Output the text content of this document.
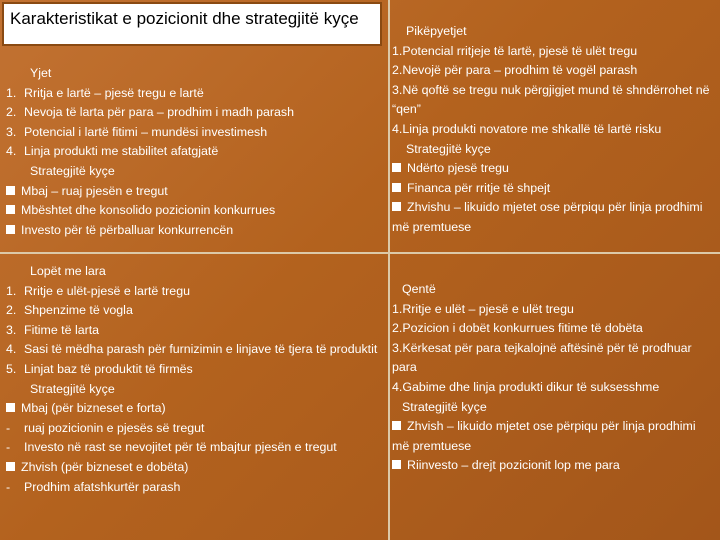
Karakteristikat e pozicionit dhe strategjitë kyçe

Yjet

1. Rritja e lartë – pjesë tregu e lartë

2. Nevoja të larta për para – prodhim i madh parash

3. Potencial i lartë fitimi – mundësi investimesh

4. Linja produkti me stabilitet afatgjatë

Strategjitë kyçe

Mbaj – ruaj pjesën e tregut

Mbështet dhe konsolido pozicionin konkurrues

Investo për të përballuar konkurrencën

Pikëpyetjet

1.Potencial rritjeje të lartë, pjesë të ulët tregu

2.Nevojë për para – prodhim të vogël parash

3.Në qoftë se tregu nuk përgjigjet mund të shndërrohet në “qen”

4.Linja produkti novatore me shkallë të lartë risku

Strategjitë kyçe

Ndërto pjesë tregu

Financa për rritje të shpejt

Zhvishu – likuido mjetet ose përpiqu për linja prodhimi më premtuese

Lopët me lara

1. Rritje e ulët-pjesë e lartë tregu

2. Shpenzime të vogla

3. Fitime të larta

4. Sasi të mëdha parash për furnizimin e linjave të tjera të produktit

5. Linjat baz të produktit të firmës

Strategjitë kyçe

Mbaj (për bizneset e forta)

- ruaj pozicionin e pjesës së tregut

- Investo në rast se nevojitet për të mbajtur pjesën e tregut

Zhvish (për bizneset e dobëta)

- Prodhim afatshkurtër parash

Qentë

1.Rritje e ulët – pjesë e ulët tregu

2.Pozicion i dobët konkurrues fitime të dobëta

3.Kërkesat për para tejkalojnë aftësinë për të prodhuar para

4.Gabime dhe linja produkti dikur të suksesshme

Strategjitë kyçe

Zhvish – likuido mjetet ose përpiqu për linja prodhimi më premtuese

Riinvesto – drejt pozicionit lop me para
